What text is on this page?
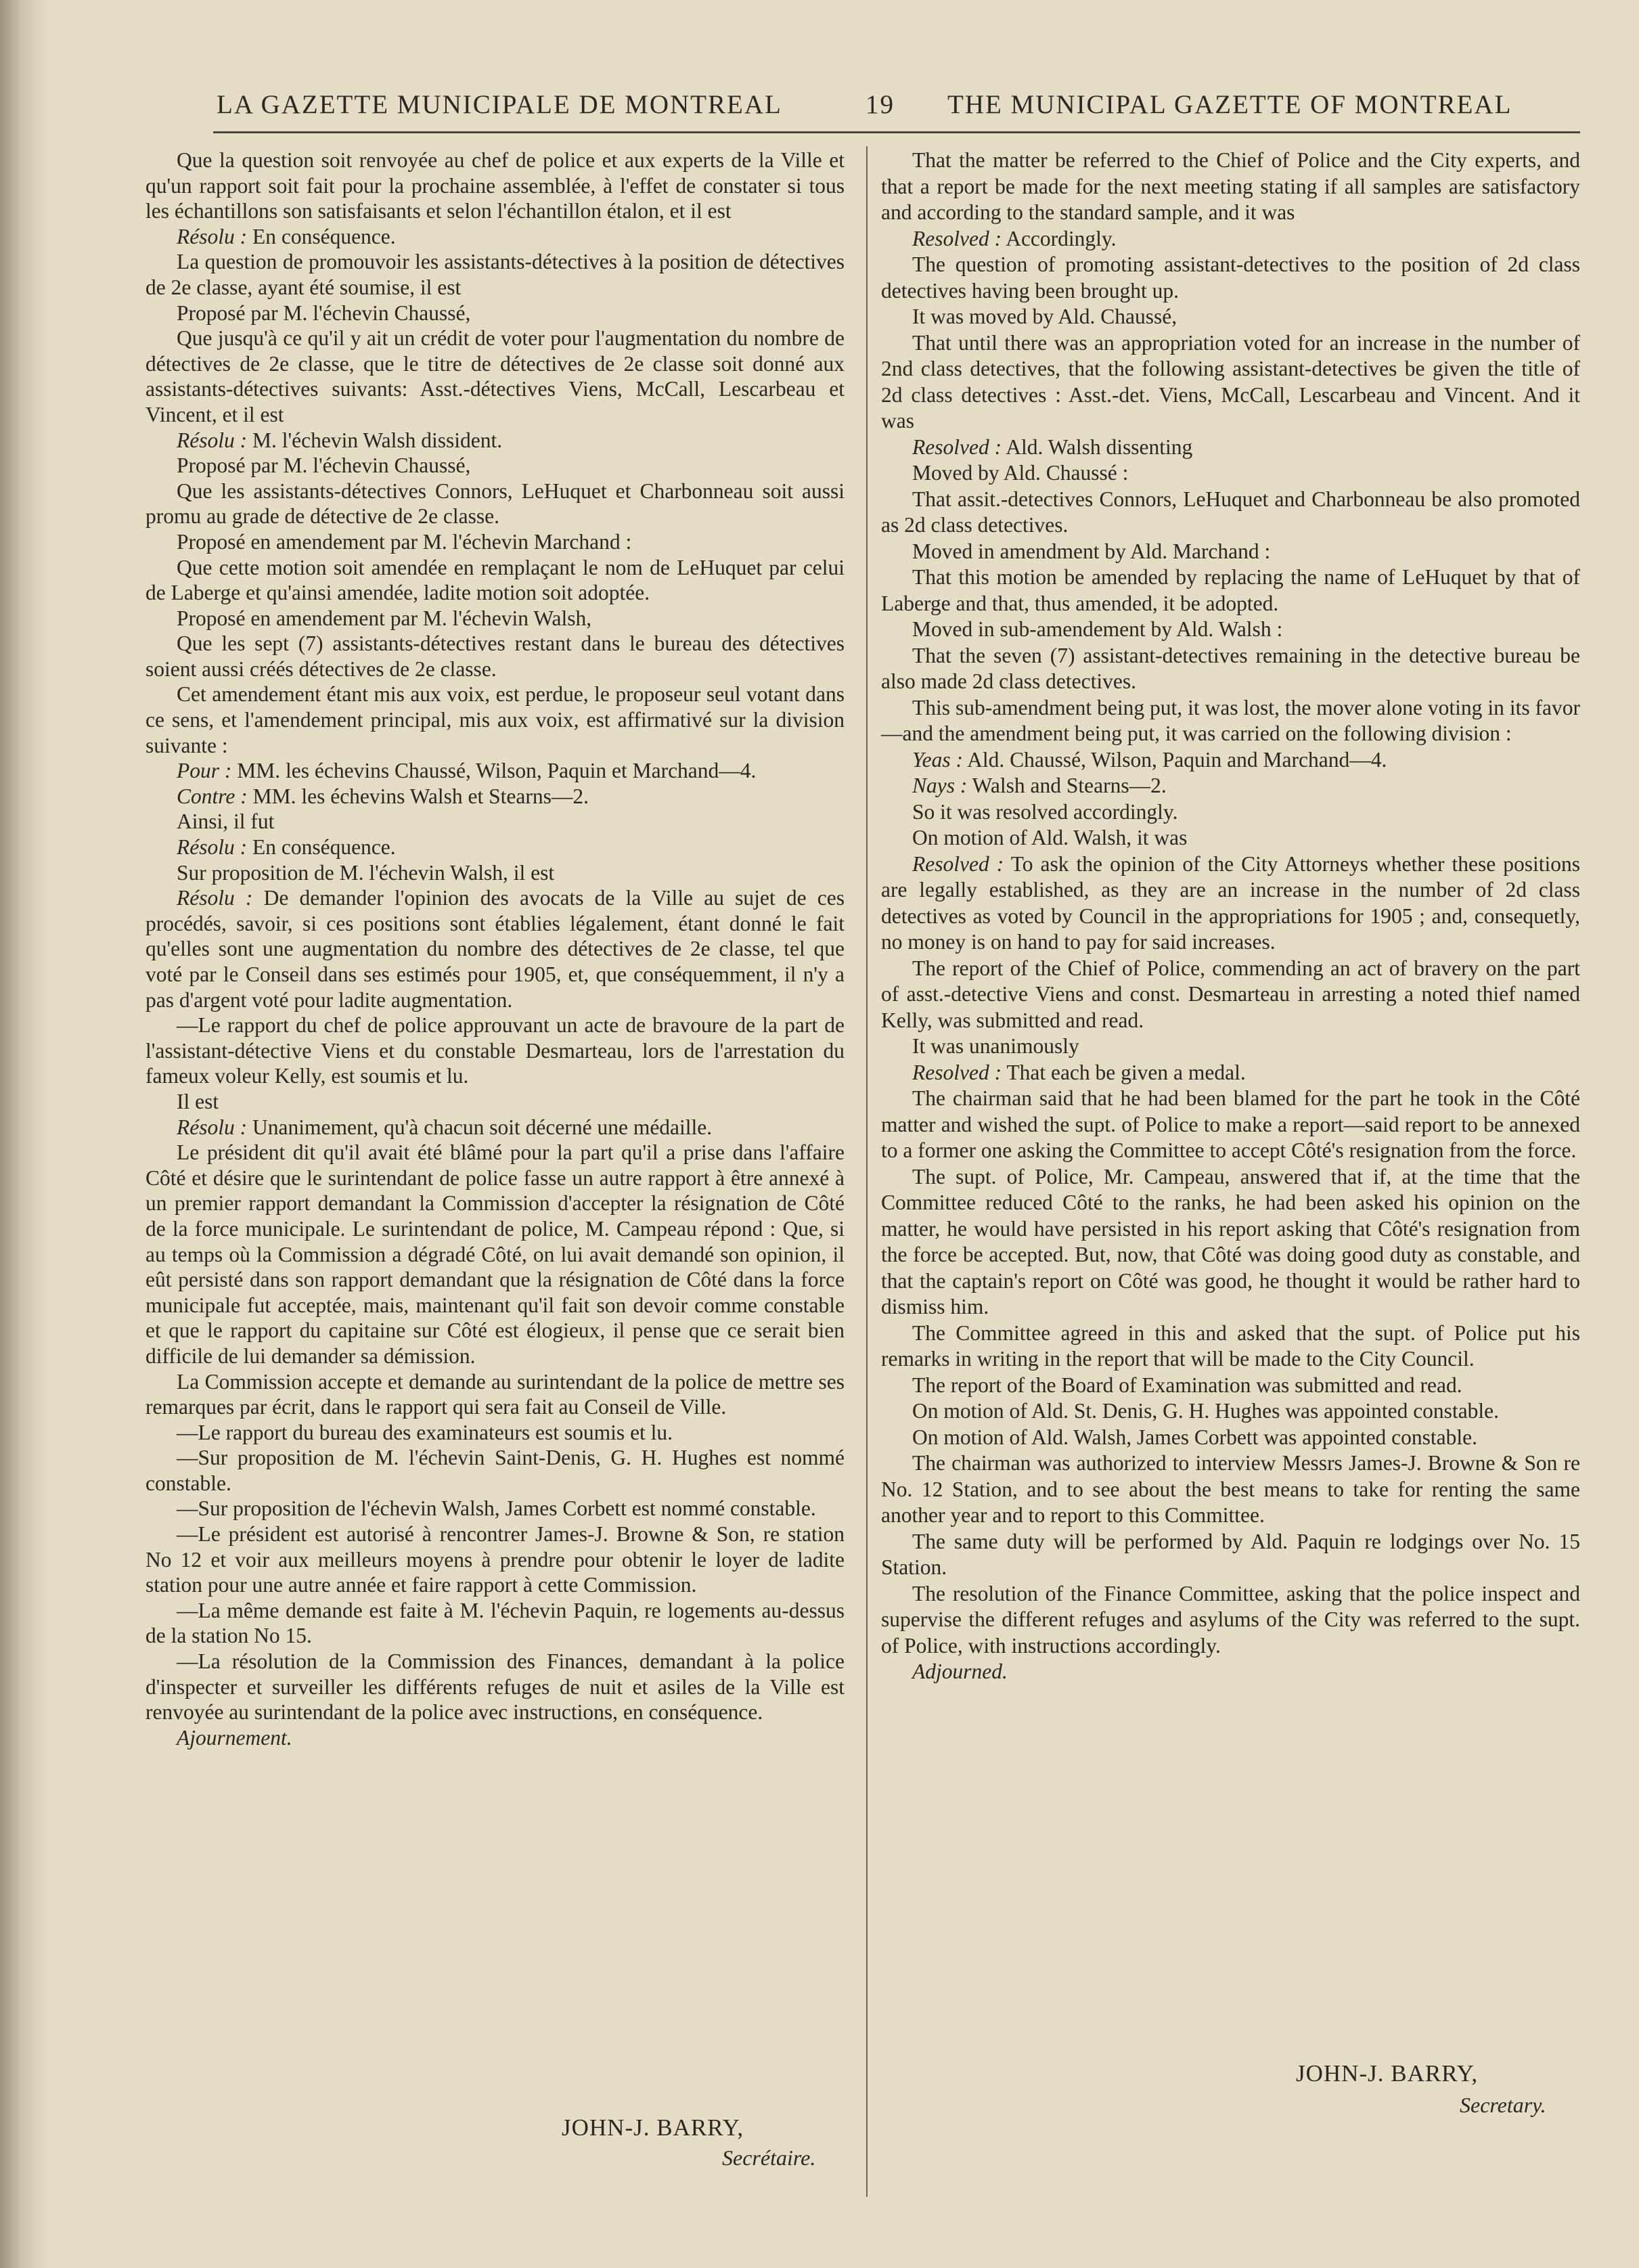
LA GAZETTE MUNICIPALE DE MONTREAL	19 THE MUNICIPAL GAZETTE OF MONTREAL

Que la question soit renvoyée au chef de police et aux experts de la Ville et qu'un rapport soit fait pour la prochaine assemblée, à l'effet de constater si tous les échantillons son satisfaisants et selon l'échantillon étalon, et il est

Résolu : En conséquence.

La question de promouvoir les assistants-détectives à la position de détectives de 2e classe, ayant été soumise, il est

Proposé par M. l'échevin Chaussé,

Que jusqu'à ce qu'il y ait un crédit de voter pour l'augmentation du nombre de détectives de 2e classe, que le titre de détectives de 2e classe soit donné aux assistants-détectives suivants: Asst.-détectives Viens, McCall, Lescarbeau et Vincent, et il est

Résolu : M. l'échevin Walsh dissident.

Proposé par M. l'échevin Chaussé,

Que les assistants-détectives Connors, LeHuquet et Charbonneau soit aussi promu au grade de détective de 2e classe.

Proposé en amendement par M. l'échevin Marchand :

Que cette motion soit amendée en remplaçant le nom de LeHuquet par celui de Laberge et qu'ainsi amendée, ladite motion soit adoptée.

Proposé en amendement par M. l'échevin Walsh,

Que les sept (7) assistants-détectives restant dans le bureau des détectives soient aussi créés détectives de 2e classe.

Cet amendement étant mis aux voix, est perdue, le proposeur seul votant dans ce sens, et l'amendement principal, mis aux voix, est affirmativé sur la division suivante :

Pour : MM. les échevins Chaussé, Wilson, Paquin et Marchand—4.

Contre : MM. les échevins Walsh et Stearns—2.

Ainsi, il fut

Résolu : En conséquence.

Sur proposition de M. l'échevin Walsh, il est

Résolu : De demander l'opinion des avocats de la Ville au sujet de ces procédés, savoir, si ces positions sont établies légalement, étant donné le fait qu'elles sont une augmentation du nombre des détectives de 2e classe, tel que voté par le Conseil dans ses estimés pour 1905, et, que conséquemment, il n'y a pas d'argent voté pour ladite augmentation.

—Le rapport du chef de police approuvant un acte de bravoure de la part de l'assistant-détective Viens et du constable Desmarteau, lors de l'arrestation du fameux voleur Kelly, est soumis et lu.

Il est

Résolu : Unanimement, qu'à chacun soit décerné une médaille.

Le président dit qu'il avait été blâmé pour la part qu'il a prise dans l'affaire Côté et désire que le surintendant de police fasse un autre rapport à être annexé à un premier rapport demandant la Commission d'accepter la résignation de Côté de la force municipale. Le surintendant de police, M. Campeau répond : Que, si au temps où la Commission a dégradé Côté, on lui avait demandé son opinion, il eût persisté dans son rapport demandant que la résignation de Côté dans la force municipale fut acceptée, mais, maintenant qu'il fait son devoir comme constable et que le rapport du capitaine sur Côté est élogieux, il pense que ce serait bien difficile de lui demander sa démission.

La Commission accepte et demande au surintendant de la police de mettre ses remarques par écrit, dans le rapport qui sera fait au Conseil de Ville.

—Le rapport du bureau des examinateurs est soumis et lu.

—Sur proposition de M. l'échevin Saint-Denis, G. H. Hughes est nommé constable.

—Sur proposition de l'échevin Walsh, James Corbett est nommé constable.

—Le président est autorisé à rencontrer James-J. Browne & Son, re station No 12 et voir aux meilleurs moyens à prendre pour obtenir le loyer de ladite station pour une autre année et faire rapport à cette Commission.

—La même demande est faite à M. l'échevin Paquin, re logements au-dessus de la station No 15.

—La résolution de la Commission des Finances, demandant à la police d'inspecter et surveiller les différents refuges de nuit et asiles de la Ville est renvoyée au surintendant de la police avec instructions, en conséquence.

Ajournement.

JOHN-J. BARRY,
Secrétaire.

That the matter be referred to the Chief of Police and the City experts, and that a report be made for the next meeting stating if all samples are satisfactory and according to the standard sample, and it was

Resolved : Accordingly.

The question of promoting assistant-detectives to the position of 2d class detectives having been brought up.

It was moved by Ald. Chaussé,

That until there was an appropriation voted for an increase in the number of 2nd class detectives, that the following assistant-detectives be given the title of 2d class detectives : Asst.-det. Viens, McCall, Lescarbeau and Vincent. And it was

Resolved : Ald. Walsh dissenting

Moved by Ald. Chaussé :

That assit.-detectives Connors, LeHuquet and Charbonneau be also promoted as 2d class detectives.

Moved in amendment by Ald. Marchand :

That this motion be amended by replacing the name of LeHuquet by that of Laberge and that, thus amended, it be adopted.

Moved in sub-amendement by Ald. Walsh :

That the seven (7) assistant-detectives remaining in the detective bureau be also made 2d class detectives.

This sub-amendment being put, it was lost, the mover alone voting in its favor—and the amendment being put, it was carried on the following division :

Yeas : Ald. Chaussé, Wilson, Paquin and Marchand—4.

Nays : Walsh and Stearns—2.

So it was resolved accordingly.

On motion of Ald. Walsh, it was

Resolved : To ask the opinion of the City Attorneys whether these positions are legally established, as they are an increase in the number of 2d class detectives as voted by Council in the appropriations for 1905 ; and, consequetly, no money is on hand to pay for said increases.

The report of the Chief of Police, commending an act of bravery on the part of asst.-detective Viens and const. Desmarteau in arresting a noted thief named Kelly, was submitted and read.

It was unanimously

Resolved : That each be given a medal.

The chairman said that he had been blamed for the part he took in the Côté matter and wished the supt. of Police to make a report—said report to be annexed to a former one asking the Committee to accept Côté's resignation from the force.

The supt. of Police, Mr. Campeau, answered that if, at the time that the Committee reduced Côté to the ranks, he had been asked his opinion on the matter, he would have persisted in his report asking that Côté's resignation from the force be accepted. But, now, that Côté was doing good duty as constable, and that the captain's report on Côté was good, he thought it would be rather hard to dismiss him.

The Committee agreed in this and asked that the supt. of Police put his remarks in writing in the report that will be made to the City Council.

The report of the Board of Examination was submitted and read.

On motion of Ald. St. Denis, G. H. Hughes was appointed constable.

On motion of Ald. Walsh, James Corbett was appointed constable.

The chairman was authorized to interview Messrs James-J. Browne & Son re No. 12 Station, and to see about the best means to take for renting the same another year and to report to this Committee.

The same duty will be performed by Ald. Paquin re lodgings over No. 15 Station.

The resolution of the Finance Committee, asking that the police inspect and supervise the different refuges and asylums of the City was referred to the supt. of Police, with instructions accordingly.

Adjourned.

JOHN-J. BARRY,
Secretary.
